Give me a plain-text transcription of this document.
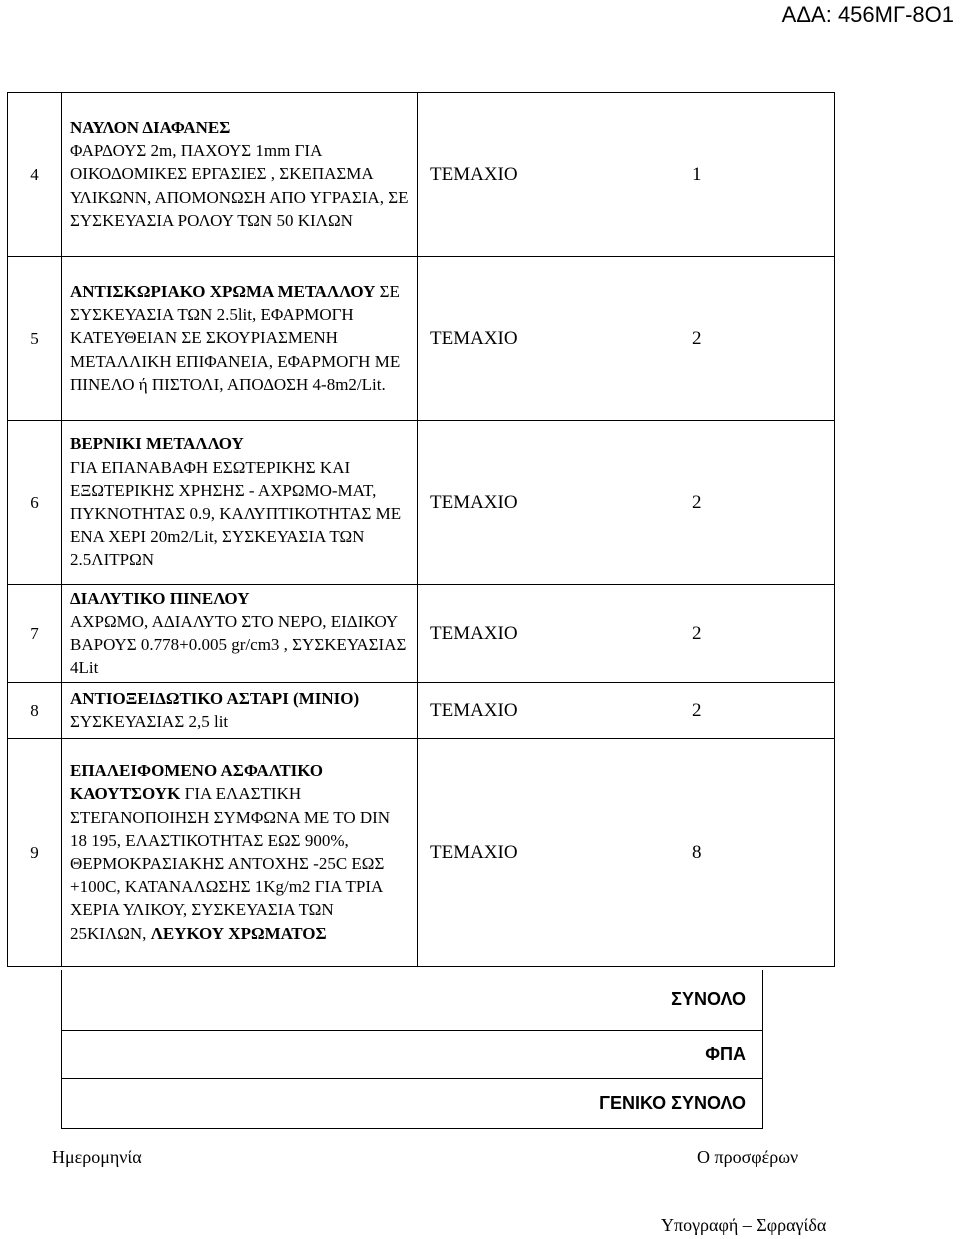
ΑΔΑ: 456ΜΓ-8Ο1
4	ΝΑΥΛΟΝ ΔΙΑΦΑΝΕΣ
ΦΑΡΔΟΥΣ 2m, ΠΑΧΟΥΣ 1mm ΓΙΑ ΟΙΚΟΔΟΜΙΚΕΣ ΕΡΓΑΣΙΕΣ , ΣΚΕΠΑΣΜΑ ΥΛΙΚΩΝΝ, ΑΠΟΜΟΝΩΣΗ ΑΠΟ ΥΓΡΑΣΙΑ, ΣΕ ΣΥΣΚΕΥΑΣΙΑ ΡΟΛΟΥ ΤΩΝ 50 ΚΙΛΩΝ	ΤΕΜΑΧΙΟ	1
5	ΑΝΤΙΣΚΩΡΙΑΚΟ ΧΡΩΜΑ ΜΕΤΑΛΛΟΥ ΣΕ ΣΥΣΚΕΥΑΣΙΑ ΤΩΝ 2.5lit, ΕΦΑΡΜΟΓΗ ΚΑΤΕΥΘΕΙΑΝ ΣΕ ΣΚΟΥΡΙΑΣΜΕΝΗ ΜΕΤΑΛΛΙΚΗ ΕΠΙΦΑΝΕΙΑ, ΕΦΑΡΜΟΓΗ ΜΕ ΠΙΝΕΛΟ ή ΠΙΣΤΟΛΙ, ΑΠΟΔΟΣΗ 4-8m2/Lit.	ΤΕΜΑΧΙΟ	2
6	ΒΕΡΝΙΚΙ ΜΕΤΑΛΛΟΥ
ΓΙΑ ΕΠΑΝΑΒΑΦΗ ΕΣΩΤΕΡΙΚΗΣ ΚΑΙ ΕΞΩΤΕΡΙΚΗΣ ΧΡΗΣΗΣ - ΑΧΡΩΜΟ-ΜΑΤ, ΠΥΚΝΟΤΗΤΑΣ 0.9, ΚΑΛΥΠΤΙΚΟΤΗΤΑΣ ΜΕ ΕΝΑ ΧΕΡΙ 20m2/Lit, ΣΥΣΚΕΥΑΣΙΑ ΤΩΝ 2.5ΛΙΤΡΩΝ	ΤΕΜΑΧΙΟ	2
7	ΔΙΑΛΥΤΙΚΟ ΠΙΝΕΛΟΥ
ΑΧΡΩΜΟ, ΑΔΙΑΛΥΤΟ ΣΤΟ ΝΕΡΟ, ΕΙΔΙΚΟΥ ΒΑΡΟΥΣ 0.778+0.005 gr/cm3 , ΣΥΣΚΕΥΑΣΙΑΣ 4Lit	ΤΕΜΑΧΙΟ	2
8	ΑΝΤΙΟΞΕΙΔΩΤΙΚΟ ΑΣΤΑΡΙ (ΜΙΝΙΟ) ΣΥΣΚΕΥΑΣΙΑΣ 2,5 lit	ΤΕΜΑΧΙΟ	2
9	ΕΠΑΛΕΙΦΟΜΕΝΟ ΑΣΦΑΛΤΙΚΟ ΚΑΟΥΤΣΟΥΚ ΓΙΑ ΕΛΑΣΤΙΚΗ ΣΤΕΓΑΝΟΠΟΙΗΣΗ ΣΥΜΦΩΝΑ ΜΕ ΤΟ DIN 18 195, ΕΛΑΣΤΙΚΟΤΗΤΑΣ ΕΩΣ 900%, ΘΕΡΜΟΚΡΑΣΙΑΚΗΣ ΑΝΤΟΧΗΣ -25C ΕΩΣ +100C, ΚΑΤΑΝΑΛΩΣΗΣ 1Kg/m2 ΓΙΑ ΤΡΙΑ ΧΕΡΙΑ ΥΛΙΚΟΥ, ΣΥΣΚΕΥΑΣΙΑ ΤΩΝ 25ΚΙΛΩΝ, ΛΕΥΚΟΥ ΧΡΩΜΑΤΟΣ	ΤΕΜΑΧΙΟ	8
ΣΥΝΟΛΟ
ΦΠΑ
ΓΕΝΙΚΟ ΣΥΝΟΛΟ
Ημερομηνία	Ο προσφέρων
Υπογραφή – Σφραγίδα
